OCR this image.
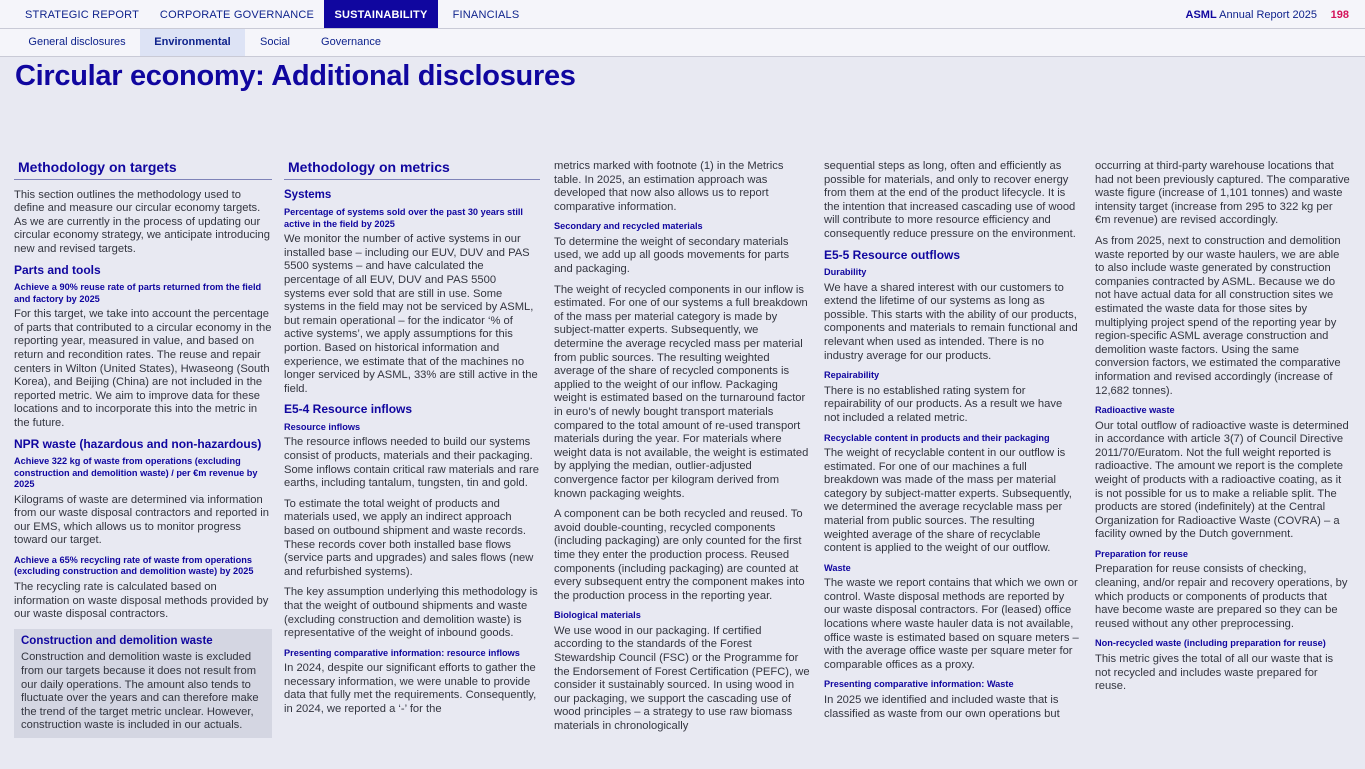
STRATEGIC REPORT	CORPORATE GOVERNANCE	SUSTAINABILITY	FINANCIALS	ASML Annual Report 2025 198
General disclosures	Environmental	Social	Governance
Circular economy: Additional disclosures
Methodology on targets

This section outlines the methodology used to define and measure our circular economy targets. As we are currently in the process of updating our circular economy strategy, we anticipate introducing new and revised targets.

Parts and tools
Achieve a 90% reuse rate of parts returned from the field and factory by 2025

For this target, we take into account the percentage of parts that contributed to a circular economy in the reporting year, measured in value, and based on return and recondition rates. The reuse and repair centers in Wilton (United States), Hwaseong (South Korea), and Beijing (China) are not included in the reported metric. We aim to improve data for these locations and to incorporate this into the metric in the future.

NPR waste (hazardous and non-hazardous)
Achieve 322 kg of waste from operations (excluding construction and demolition waste) / per €m revenue by 2025

Kilograms of waste are determined via information from our waste disposal contractors and reported in our EMS, which allows us to monitor progress toward our target.

Achieve a 65% recycling rate of waste from operations (excluding construction and demolition waste) by 2025

The recycling rate is calculated based on information on waste disposal methods provided by our waste disposal contractors.

Construction and demolition waste

Construction and demolition waste is excluded from our targets because it does not result from our daily operations. The amount also tends to fluctuate over the years and can therefore make the trend of the target metric unclear. However, construction waste is included in our actuals.

Methodology on metrics
Systems
Percentage of systems sold over the past 30 years still active in the field by 2025

We monitor the number of active systems in our installed base – including our EUV, DUV and PAS 5500 systems – and have calculated the percentage of all EUV, DUV and PAS 5500 systems ever sold that are still in use. Some systems in the field may not be serviced by ASML, but remain operational – for the indicator ‘% of active systems’, we apply assumptions for this portion. Based on historical information and experience, we estimate that of the machines no longer serviced by ASML, 33% are still active in the field.

E5-4 Resource inflows
Resource inflows

The resource inflows needed to build our systems consist of products, materials and their packaging. Some inflows contain critical raw materials and rare earths, including tantalum, tungsten, tin and gold.

To estimate the total weight of products and materials used, we apply an indirect approach based on outbound shipment and waste records. These records cover both installed base flows (service parts and upgrades) and sales flows (new and refurbished systems).

The key assumption underlying this methodology is that the weight of outbound shipments and waste (excluding construction and demolition waste) is representative of the weight of inbound goods.

Presenting comparative information: resource inflows

In 2024, despite our significant efforts to gather the necessary information, we were unable to provide data that fully met the requirements. Consequently, in 2024, we reported a ‘-’ for the

metrics marked with footnote (1) in the Metrics table. In 2025, an estimation approach was developed that now also allows us to report comparative information.

Secondary and recycled materials

To determine the weight of secondary materials used, we add up all goods movements for parts and packaging.

The weight of recycled components in our inflow is estimated. For one of our systems a full breakdown of the mass per material category is made by subject-matter experts. Subsequently, we determine the average recycled mass per material from public sources. The resulting weighted average of the share of recycled components is applied to the weight of our inflow. Packaging weight is estimated based on the turnaround factor in euro’s of newly bought transport materials compared to the total amount of re-used transport materials during the year. For materials where weight data is not available, the weight is estimated by applying the median, outlier-adjusted convergence factor per kilogram derived from known packaging weights.

A component can be both recycled and reused. To avoid double-counting, recycled components (including packaging) are only counted for the first time they enter the production process. Reused components (including packaging) are counted at every subsequent entry the component makes into the production process in the reporting year.

Biological materials

We use wood in our packaging. If certified according to the standards of the Forest Stewardship Council (FSC) or the Programme for the Endorsement of Forest Certification (PEFC), we consider it sustainably sourced. In using wood in our packaging, we support the cascading use of wood principles – a strategy to use raw biomass materials in chronologically

sequential steps as long, often and efficiently as possible for materials, and only to recover energy from them at the end of the product lifecycle. It is the intention that increased cascading use of wood will contribute to more resource efficiency and consequently reduce pressure on the environment.

E5-5 Resource outflows
Durability

We have a shared interest with our customers to extend the lifetime of our systems as long as possible. This starts with the ability of our products, components and materials to remain functional and relevant when used as intended. There is no industry average for our products.

Repairability

There is no established rating system for repairability of our products. As a result we have not included a related metric.

Recyclable content in products and their packaging

The weight of recyclable content in our outflow is estimated. For one of our machines a full breakdown was made of the mass per material category by subject-matter experts. Subsequently, we determined the average recyclable mass per material from public sources. The resulting weighted average of the share of recyclable content is applied to the weight of our outflow.

Waste

The waste we report contains that which we own or control. Waste disposal methods are reported by our waste disposal contractors. For (leased) office locations where waste hauler data is not available, office waste is estimated based on square meters – with the average office waste per square meter for comparable offices as a proxy.

Presenting comparative information: Waste

In 2025 we identified and included waste that is classified as waste from our own operations but

occurring at third-party warehouse locations that had not been previously captured. The comparative waste figure (increase of 1,101 tonnes) and waste intensity target (increase from 295 to 322 kg per €m revenue) are revised accordingly.

As from 2025, next to construction and demolition waste reported by our waste haulers, we are able to also include waste generated by construction companies contracted by ASML. Because we do not have actual data for all construction sites we estimated the waste data for those sites by multiplying project spend of the reporting year by region-specific ASML average construction and demolition waste factors. Using the same conversion factors, we estimated the comparative information and revised accordingly (increase of 12,682 tonnes).

Radioactive waste

Our total outflow of radioactive waste is determined in accordance with article 3(7) of Council Directive 2011/70/Euratom. Not the full weight reported is radioactive. The amount we report is the complete weight of products with a radioactive coating, as it is not possible for us to make a reliable split. The products are stored (indefinitely) at the Central Organization for Radioactive Waste (COVRA) – a facility owned by the Dutch government.

Preparation for reuse

Preparation for reuse consists of checking, cleaning, and/or repair and recovery operations, by which products or components of products that have become waste are prepared so they can be reused without any other preprocessing.

Non-recycled waste (including preparation for reuse)

This metric gives the total of all our waste that is not recycled and includes waste prepared for reuse.
